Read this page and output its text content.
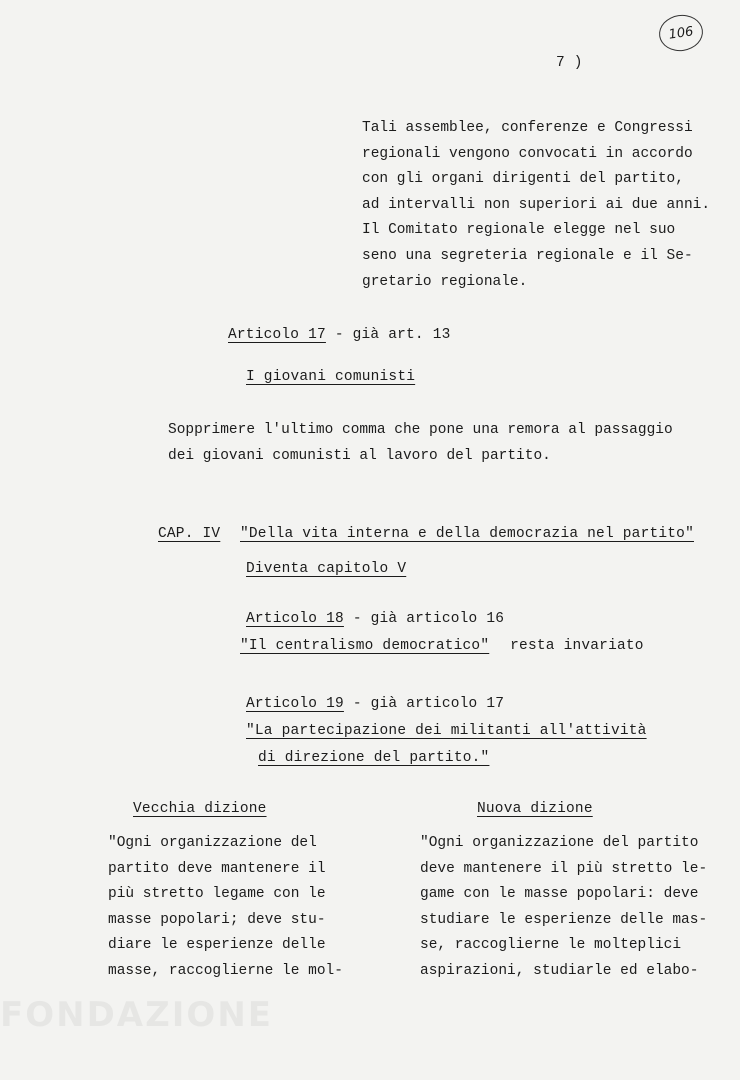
106
7 )
Tali assemblee, conferenze e Congressi
regionali vengono convocati in accordo
con gli organi dirigenti del partito,
ad intervalli non superiori ai due anni.
Il Comitato regionale elegge nel suo
seno una segreteria regionale e il Se-
gretario regionale.
Articolo 17 - già art. 13
I giovani comunisti
Sopprimere l'ultimo comma che pone una remora al passaggio
dei giovani comunisti al lavoro del partito.
CAP. IV "Della vita interna e della democrazia nel partito"
Diventa capitolo V
Articolo 18 - già articolo 16
"Il centralismo democratico" resta invariato
Articolo 19 - già articolo 17
"La partecipazione dei militanti all'attività
di direzione del partito."
Vecchia dizione	Nuova dizione
"Ogni organizzazione del
partito deve mantenere il
più stretto legame con le
masse popolari; deve stu-
diare le esperienze delle
masse, raccoglierne le mol-
"Ogni organizzazione del partito
deve mantenere il più stretto le-
game con le masse popolari: deve
studiare le esperienze delle mas-
se, raccoglierne le molteplici
aspirazioni, studiarle ed elabo-
FONDAZIONE
